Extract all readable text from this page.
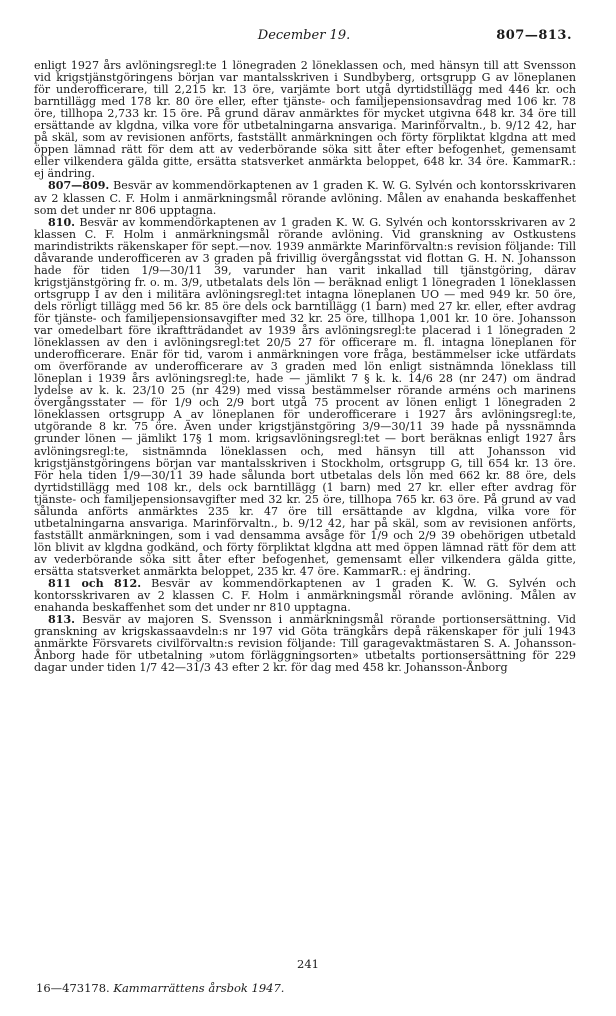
December 19.	807—813.

enligt 1927 års avlöningsregl:te 1 lönegraden 2 löneklassen och, med hänsyn till att Svensson vid krigstjänstgöringens början var mantalsskriven i Sundbyberg, ortsgrupp G av löneplanen för underofficerare, till 2,215 kr. 13 öre, varjämte bort utgå dyrtidstillägg med 446 kr. och barntillägg med 178 kr. 80 öre eller, efter tjänste- och familjepensionsavdrag med 106 kr. 78 öre, tillhopa 2,733 kr. 15 öre. På grund därav anmärktes för mycket utgivna 648 kr. 34 öre till ersättande av klgdna, vilka vore för utbetalningarna ansvariga. Marinförvaltn., b. 9/12 42, har på skäl, som av revisionen anförts, fastställt anmärkningen och förty förpliktat klgdna att med öppen lämnad rätt för dem att av vederbörande söka sitt åter efter befogenhet, gemensamt eller vilkendera gälda gitte, ersätta statsverket anmärkta beloppet, 648 kr. 34 öre. KammarR.: ej ändring.

807—809. Besvär av kommendörkaptenen av 1 graden K. W. G. Sylvén och kontorsskrivaren av 2 klassen C. F. Holm i anmärkningsmål rörande avlöning. Målen av enahanda beskaffenhet som det under nr 806 upptagna.

810. Besvär av kommendörkaptenen av 1 graden K. W. G. Sylvén och kontorsskrivaren av 2 klassen C. F. Holm i anmärkningsmål rörande avlöning. Vid granskning av Ostkustens marindistrikts räkenskaper för sept.—nov. 1939 anmärkte Marinförvaltn:s revision följande: Till dåvarande underofficeren av 3 graden på frivillig övergångsstat vid flottan G. H. N. Johansson hade för tiden 1/9—30/11 39, varunder han varit inkallad till tjänstgöring, därav krigstjänstgöring fr. o. m. 3/9, utbetalats dels lön — beräknad enligt 1 lönegraden 1 löneklassen ortsgrupp I av den i militära avlöningsregl:tet intagna löneplanen UO — med 949 kr. 50 öre, dels rörligt tillägg med 56 kr. 85 öre dels ock barntillägg (1 barn) med 27 kr. eller, efter avdrag för tjänste- och familjepensionsavgifter med 32 kr. 25 öre, tillhopa 1,001 kr. 10 öre. Johansson var omedelbart före ikraftträdandet av 1939 års avlöningsregl:te placerad i 1 lönegraden 2 löneklassen av den i avlöningsregl:tet 20/5 27 för officerare m. fl. intagna löneplanen för underofficerare. Enär för tid, varom i anmärkningen vore fråga, bestämmelser icke utfärdats om överförande av underofficerare av 3 graden med lön enligt sistnämnda löneklass till löneplan i 1939 års avlöningsregl:te, hade — jämlikt 7 § k. k. 14/6 28 (nr 247) om ändrad lydelse av k. k. 23/10 25 (nr 429) med vissa bestämmelser rörande arméns och marinens övergångsstater — för 1/9 och 2/9 bort utgå 75 procent av lönen enligt 1 lönegraden 2 löneklassen ortsgrupp A av löneplanen för underofficerare i 1927 års avlöningsregl:te, utgörande 8 kr. 75 öre. Även under krigstjänstgöring 3/9—30/11 39 hade på nyssnämnda grunder lönen — jämlikt 17§ 1 mom. krigsavlöningsregl:tet — bort beräknas enligt 1927 års avlöningsregl:te, sistnämnda löneklassen och, med hänsyn till att Johansson vid krigstjänstgöringens början var mantalsskriven i Stockholm, ortsgrupp G, till 654 kr. 13 öre. För hela tiden 1/9—30/11 39 hade sålunda bort utbetalas dels lön med 662 kr. 88 öre, dels dyrtidstillägg med 108 kr., dels ock barntillägg (1 barn) med 27 kr. eller efter avdrag för tjänste- och familjepensionsavgifter med 32 kr. 25 öre, tillhopa 765 kr. 63 öre. På grund av vad sålunda anförts anmärktes 235 kr. 47 öre till ersättande av klgdna, vilka vore för utbetalningarna ansvariga. Marinförvaltn., b. 9/12 42, har på skäl, som av revisionen anförts, fastställt anmärkningen, som i vad densamma avsåge för 1/9 och 2/9 39 obehörigen utbetald lön blivit av klgdna godkänd, och förty förpliktat klgdna att med öppen lämnad rätt för dem att av vederbörande söka sitt åter efter befogenhet, gemensamt eller vilkendera gälda gitte, ersätta statsverket anmärkta beloppet, 235 kr. 47 öre. KammarR.: ej ändring.

811 och 812. Besvär av kommendörkaptenen av 1 graden K. W. G. Sylvén och kontorsskrivaren av 2 klassen C. F. Holm i anmärkningsmål rörande avlöning. Målen av enahanda beskaffenhet som det under nr 810 upptagna.

813. Besvär av majoren S. Svensson i anmärkningsmål rörande portionsersättning. Vid granskning av krigskassaavdeln:s nr 197 vid Göta trängkårs depå räkenskaper för juli 1943 anmärkte Försvarets civilförvaltn:s revision följande: Till garagevaktmästaren S. A. Johansson-Ånborg hade för utbetalning »utom förläggningsorten» utbetalts portionsersättning för 229 dagar under tiden 1/7 42—31/3 43 efter 2 kr. för dag med 458 kr. Johansson-Ånborg

241
16—473178. Kammarrättens årsbok 1947.
